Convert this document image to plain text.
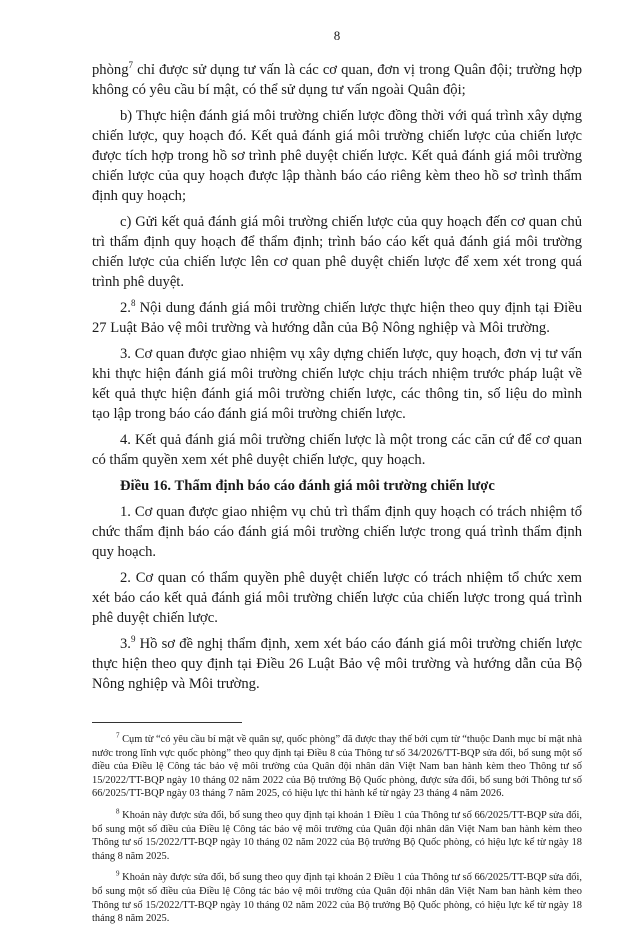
8

phòng$^7$ chỉ được sử dụng tư vấn là các cơ quan, đơn vị trong Quân đội; trường hợp không có yêu cầu bí mật, có thể sử dụng tư vấn ngoài Quân đội;

b) Thực hiện đánh giá môi trường chiến lược đồng thời với quá trình xây dựng chiến lược, quy hoạch đó. Kết quả đánh giá môi trường chiến lược của chiến lược được tích hợp trong hồ sơ trình phê duyệt chiến lược. Kết quả đánh giá môi trường chiến lược của quy hoạch được lập thành báo cáo riêng kèm theo hồ sơ trình thẩm định quy hoạch;

c) Gửi kết quả đánh giá môi trường chiến lược của quy hoạch đến cơ quan chủ trì thẩm định quy hoạch để thẩm định; trình báo cáo kết quả đánh giá môi trường chiến lược của chiến lược lên cơ quan phê duyệt chiến lược để xem xét trong quá trình phê duyệt.

2.$^8$ Nội dung đánh giá môi trường chiến lược thực hiện theo quy định tại Điều 27 Luật Bảo vệ môi trường và hướng dẫn của Bộ Nông nghiệp và Môi trường.

3. Cơ quan được giao nhiệm vụ xây dựng chiến lược, quy hoạch, đơn vị tư vấn khi thực hiện đánh giá môi trường chiến lược chịu trách nhiệm trước pháp luật về kết quả thực hiện đánh giá môi trường chiến lược, các thông tin, số liệu do mình tạo lập trong báo cáo đánh giá môi trường chiến lược.

4. Kết quả đánh giá môi trường chiến lược là một trong các căn cứ để cơ quan có thẩm quyền xem xét phê duyệt chiến lược, quy hoạch.

Điều 16. Thẩm định báo cáo đánh giá môi trường chiến lược

1. Cơ quan được giao nhiệm vụ chủ trì thẩm định quy hoạch có trách nhiệm tổ chức thẩm định báo cáo đánh giá môi trường chiến lược trong quá trình thẩm định quy hoạch.

2. Cơ quan có thẩm quyền phê duyệt chiến lược có trách nhiệm tổ chức xem xét báo cáo kết quả đánh giá môi trường chiến lược của chiến lược trong quá trình phê duyệt chiến lược.

3.$^9$ Hồ sơ đề nghị thẩm định, xem xét báo cáo đánh giá môi trường chiến lược thực hiện theo quy định tại Điều 26 Luật Bảo vệ môi trường và hướng dẫn của Bộ Nông nghiệp và Môi trường.

$^7$ Cụm từ “có yêu cầu bí mật về quân sự, quốc phòng” đã được thay thế bởi cụm từ “thuộc Danh mục bí mật nhà nước trong lĩnh vực quốc phòng” theo quy định tại Điều 8 của Thông tư số 34/2026/TT-BQP sửa đổi, bổ sung một số điều của Điều lệ Công tác bảo vệ môi trường của Quân đội nhân dân Việt Nam ban hành kèm theo Thông tư số 15/2022/TT-BQP ngày 10 tháng 02 năm 2022 của Bộ trưởng Bộ Quốc phòng, được sửa đổi, bổ sung bởi Thông tư số 66/2025/TT-BQP ngày 03 tháng 7 năm 2025, có hiệu lực thi hành kể từ ngày 23 tháng 4 năm 2026.

$^8$ Khoản này được sửa đổi, bổ sung theo quy định tại khoản 1 Điều 1 của Thông tư số 66/2025/TT-BQP sửa đổi, bổ sung một số điều của Điều lệ Công tác bảo vệ môi trường của Quân đội nhân dân Việt Nam ban hành kèm theo Thông tư số 15/2022/TT-BQP ngày 10 tháng 02 năm 2022 của Bộ trưởng Bộ Quốc phòng, có hiệu lực kể từ ngày 18 tháng 8 năm 2025.

$^9$ Khoản này được sửa đổi, bổ sung theo quy định tại khoản 2 Điều 1 của Thông tư số 66/2025/TT-BQP sửa đổi, bổ sung một số điều của Điều lệ Công tác bảo vệ môi trường của Quân đội nhân dân Việt Nam ban hành kèm theo Thông tư số 15/2022/TT-BQP ngày 10 tháng 02 năm 2022 của Bộ trưởng Bộ Quốc phòng, có hiệu lực kể từ ngày 18 tháng 8 năm 2025.
